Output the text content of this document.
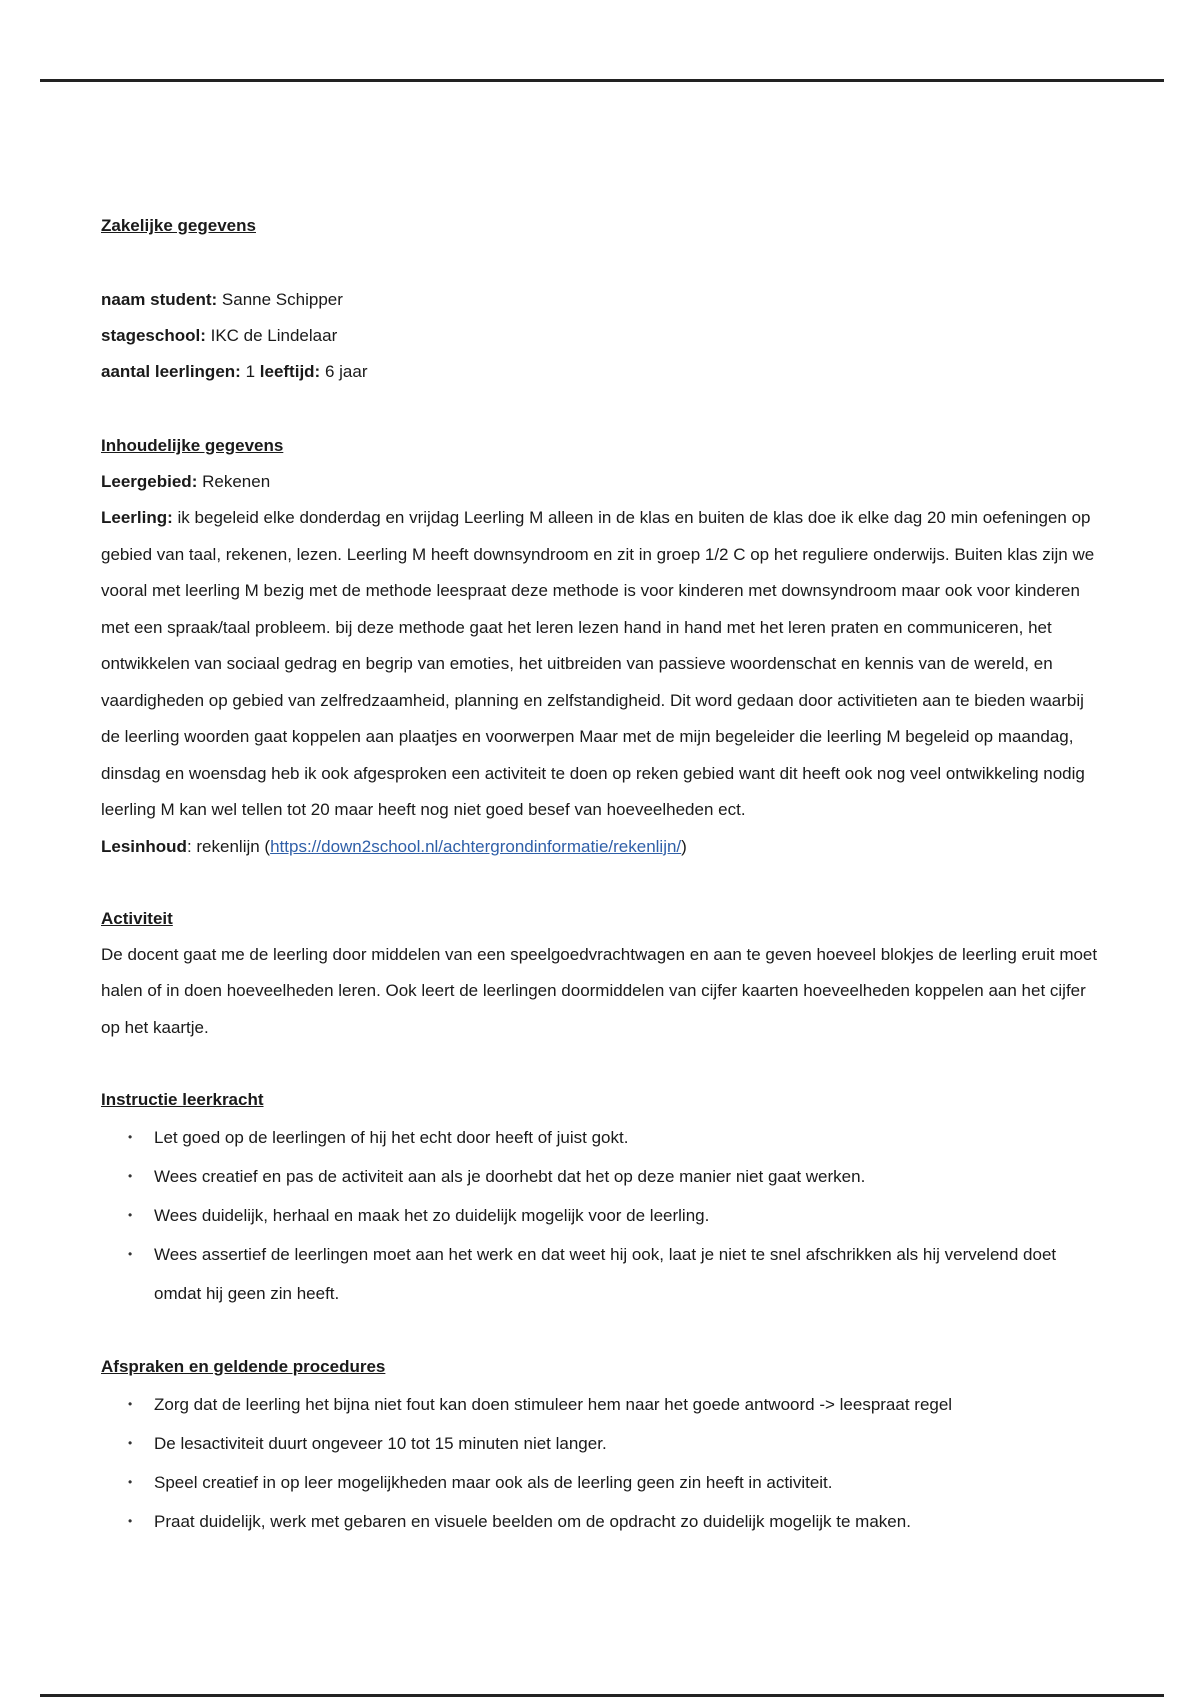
Zakelijke gegevens

naam student: Sanne Schipper

stageschool: IKC de Lindelaar

aantal leerlingen: 1 leeftijd: 6 jaar

Inhoudelijke gegevens

Leergebied: Rekenen

Leerling: ik begeleid elke donderdag en vrijdag Leerling M alleen in de klas en buiten de klas doe ik elke dag 20 min oefeningen op gebied van taal, rekenen, lezen. Leerling M heeft downsyndroom en zit in groep 1/2 C op het reguliere onderwijs. Buiten klas zijn we vooral met leerling M bezig met de methode leespraat deze methode is voor kinderen met downsyndroom maar ook voor kinderen met een spraak/taal probleem. bij deze methode gaat het leren lezen hand in hand met het leren praten en communiceren, het ontwikkelen van sociaal gedrag en begrip van emoties, het uitbreiden van passieve woordenschat en kennis van de wereld, en vaardigheden op gebied van zelfredzaamheid, planning en zelfstandigheid. Dit word gedaan door activitieten aan te bieden waarbij de leerling woorden gaat koppelen aan plaatjes en voorwerpen Maar met de mijn begeleider die leerling M begeleid op maandag, dinsdag en woensdag heb ik ook afgesproken een activiteit te doen op reken gebied want dit heeft ook nog veel ontwikkeling nodig leerling M kan wel tellen tot 20 maar heeft nog niet goed besef van hoeveelheden ect.

Lesinhoud: rekenlijn (https://down2school.nl/achtergrondinformatie/rekenlijn/)

Activiteit

De docent gaat me de leerling door middelen van een speelgoedvrachtwagen en aan te geven hoeveel blokjes de leerling eruit moet halen of in doen hoeveelheden leren. Ook leert de leerlingen doormiddelen van cijfer kaarten hoeveelheden koppelen aan het cijfer op het kaartje.

Instructie leerkracht

• Let goed op de leerlingen of hij het echt door heeft of juist gokt.
• Wees creatief en pas de activiteit aan als je doorhebt dat het op deze manier niet gaat werken.
• Wees duidelijk, herhaal en maak het zo duidelijk mogelijk voor de leerling.
• Wees assertief de leerlingen moet aan het werk en dat weet hij ook, laat je niet te snel afschrikken als hij vervelend doet omdat hij geen zin heeft.

Afspraken en geldende procedures

• Zorg dat de leerling het bijna niet fout kan doen stimuleer hem naar het goede antwoord -> leespraat regel
• De lesactiviteit duurt ongeveer 10 tot 15 minuten niet langer.
• Speel creatief in op leer mogelijkheden maar ook als de leerling geen zin heeft in activiteit.
• Praat duidelijk, werk met gebaren en visuele beelden om de opdracht zo duidelijk mogelijk te maken.
